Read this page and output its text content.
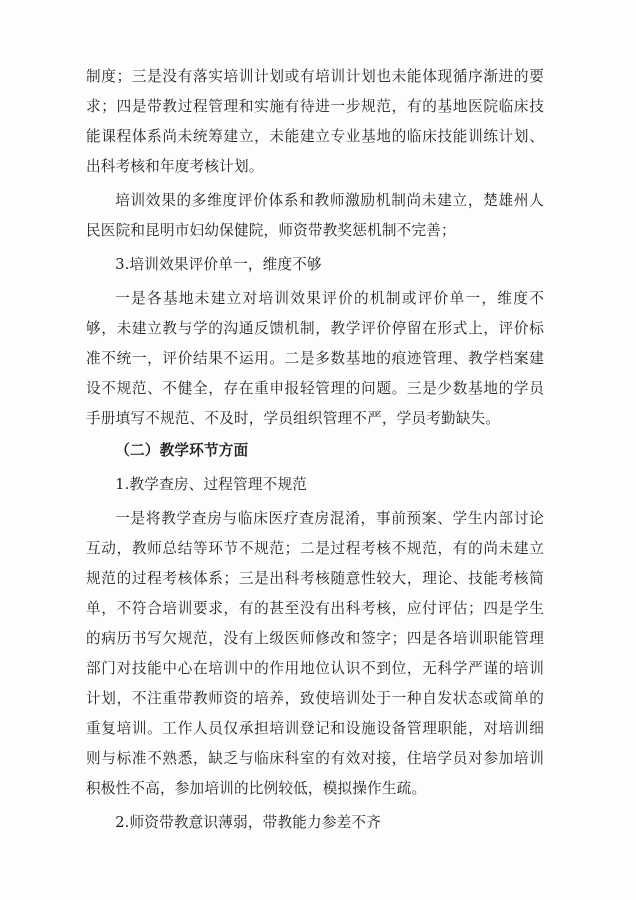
制度；三是没有落实培训计划或有培训计划也未能体现循序渐进的要求；四是带教过程管理和实施有待进一步规范，有的基地医院临床技能课程体系尚未统筹建立，未能建立专业基地的临床技能训练计划、出科考核和年度考核计划。

培训效果的多维度评价体系和教师激励机制尚未建立，楚雄州人民医院和昆明市妇幼保健院，师资带教奖惩机制不完善；

3.培训效果评价单一，维度不够

一是各基地未建立对培训效果评价的机制或评价单一，维度不够，未建立教与学的沟通反馈机制，教学评价停留在形式上，评价标准不统一，评价结果不运用。二是多数基地的痕迹管理、教学档案建设不规范、不健全，存在重申报轻管理的问题。三是少数基地的学员手册填写不规范、不及时，学员组织管理不严，学员考勤缺失。

（二）教学环节方面

1.教学查房、过程管理不规范

一是将教学查房与临床医疗查房混淆，事前预案、学生内部讨论互动，教师总结等环节不规范；二是过程考核不规范，有的尚未建立规范的过程考核体系；三是出科考核随意性较大，理论、技能考核简单，不符合培训要求，有的甚至没有出科考核，应付评估；四是学生的病历书写欠规范，没有上级医师修改和签字；四是各培训职能管理部门对技能中心在培训中的作用地位认识不到位，无科学严谨的培训计划，不注重带教师资的培养，致使培训处于一种自发状态或简单的重复培训。工作人员仅承担培训登记和设施设备管理职能，对培训细则与标准不熟悉，缺乏与临床科室的有效对接，住培学员对参加培训积极性不高，参加培训的比例较低，模拟操作生疏。

2.师资带教意识薄弱，带教能力参差不齐
